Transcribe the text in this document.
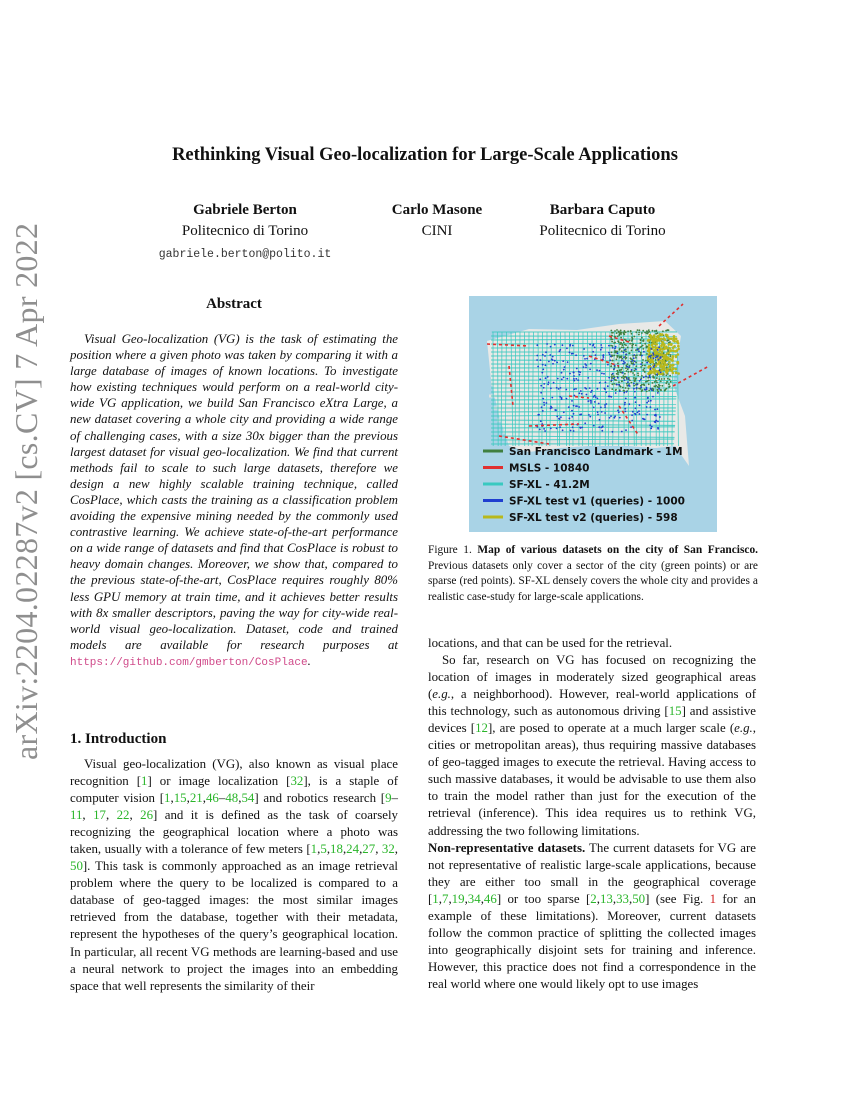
arXiv:2204.02287v2 [cs.CV] 7 Apr 2022
Rethinking Visual Geo-localization for Large-Scale Applications
Gabriele Berton
Politecnico di Torino
gabriele.berton@polito.it
Carlo Masone
CINI
Barbara Caputo
Politecnico di Torino
Abstract

Visual Geo-localization (VG) is the task of estimating the position where a given photo was taken by comparing it with a large database of images of known locations. To investigate how existing techniques would perform on a real-world city-wide VG application, we build San Francisco eXtra Large, a new dataset covering a whole city and providing a wide range of challenging cases, with a size 30x bigger than the previous largest dataset for visual geo-localization. We find that current methods fail to scale to such large datasets, therefore we design a new highly scalable training technique, called CosPlace, which casts the training as a classification problem avoiding the expensive mining needed by the commonly used contrastive learning. We achieve state-of-the-art performance on a wide range of datasets and find that CosPlace is robust to heavy domain changes. Moreover, we show that, compared to the previous state-of-the-art, CosPlace requires roughly 80% less GPU memory at train time, and it achieves better results with 8x smaller descriptors, paving the way for city-wide real-world visual geo-localization. Dataset, code and trained models are available for research purposes at https://github.com/gmberton/CosPlace.

1. Introduction

Visual geo-localization (VG), also known as visual place recognition [1] or image localization [32], is a staple of computer vision [1,15,21,46–48,54] and robotics research [9–11, 17, 22, 26] and it is defined as the task of coarsely recognizing the geographical location where a photo was taken, usually with a tolerance of few meters [1,5,18,24,27, 32, 50]. This task is commonly approached as an image retrieval problem where the query to be localized is compared to a database of geo-tagged images: the most similar images retrieved from the database, together with their metadata, represent the hypotheses of the query’s geographical location. In particular, all recent VG methods are learning-based and use a neural network to project the images into an embedding space that well represents the similarity of their

San Francisco Landmark - 1M
MSLS - 10840
SF-XL - 41.2M
SF-XL test v1 (queries) - 1000
SF-XL test v2 (queries) - 598

Figure 1. Map of various datasets on the city of San Francisco. Previous datasets only cover a sector of the city (green points) or are sparse (red points). SF-XL densely covers the whole city and provides a realistic case-study for large-scale applications.

locations, and that can be used for the retrieval.

So far, research on VG has focused on recognizing the location of images in moderately sized geographical areas (e.g., a neighborhood). However, real-world applications of this technology, such as autonomous driving [15] and assistive devices [12], are posed to operate at a much larger scale (e.g., cities or metropolitan areas), thus requiring massive databases of geo-tagged images to execute the retrieval. Having access to such massive databases, it would be advisable to use them also to train the model rather than just for the execution of the retrieval (inference). This idea requires us to rethink VG, addressing the two following limitations.

Non-representative datasets. The current datasets for VG are not representative of realistic large-scale applications, because they are either too small in the geographical coverage [1,7,19,34,46] or too sparse [2,13,33,50] (see Fig. 1 for an example of these limitations). Moreover, current datasets follow the common practice of splitting the collected images into geographically disjoint sets for training and inference. However, this practice does not find a correspondence in the real world where one would likely opt to use images
